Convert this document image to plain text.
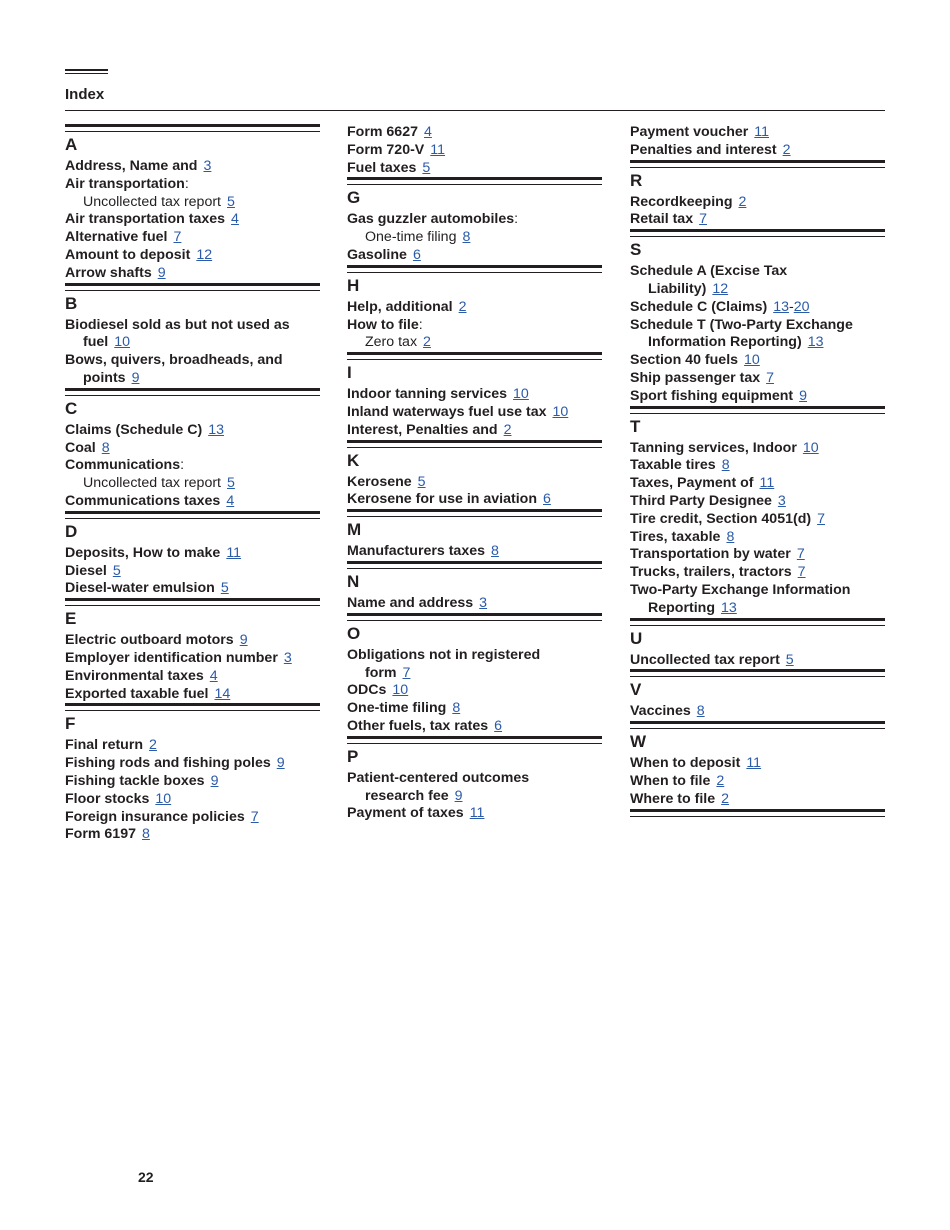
Index
A
Address, Name and 3
Air transportation:
Uncollected tax report 5
Air transportation taxes 4
Alternative fuel 7
Amount to deposit 12
Arrow shafts 9
B
Biodiesel sold as but not used as
fuel 10
Bows, quivers, broadheads, and
points 9
C
Claims (Schedule C) 13
Coal 8
Communications:
Uncollected tax report 5
Communications taxes 4
D
Deposits, How to make 11
Diesel 5
Diesel-water emulsion 5
E
Electric outboard motors 9
Employer identification number 3
Environmental taxes 4
Exported taxable fuel 14
F
Final return 2
Fishing rods and fishing poles 9
Fishing tackle boxes 9
Floor stocks 10
Foreign insurance policies 7
Form 6197 8
Form 6627 4
Form 720-V 11
Fuel taxes 5
G
Gas guzzler automobiles:
One-time filing 8
Gasoline 6
H
Help, additional 2
How to file:
Zero tax 2
I
Indoor tanning services 10
Inland waterways fuel use tax 10
Interest, Penalties and 2
K
Kerosene 5
Kerosene for use in aviation 6
M
Manufacturers taxes 8
N
Name and address 3
O
Obligations not in registered
form 7
ODCs 10
One-time filing 8
Other fuels, tax rates 6
P
Patient-centered outcomes
research fee 9
Payment of taxes 11
Payment voucher 11
Penalties and interest 2
R
Recordkeeping 2
Retail tax 7
S
Schedule A (Excise Tax
Liability) 12
Schedule C (Claims) 13-20
Schedule T (Two-Party Exchange
Information Reporting) 13
Section 40 fuels 10
Ship passenger tax 7
Sport fishing equipment 9
T
Tanning services, Indoor 10
Taxable tires 8
Taxes, Payment of 11
Third Party Designee 3
Tire credit, Section 4051(d) 7
Tires, taxable 8
Transportation by water 7
Trucks, trailers, tractors 7
Two-Party Exchange Information
Reporting 13
U
Uncollected tax report 5
V
Vaccines 8
W
When to deposit 11
When to file 2
Where to file 2
22
